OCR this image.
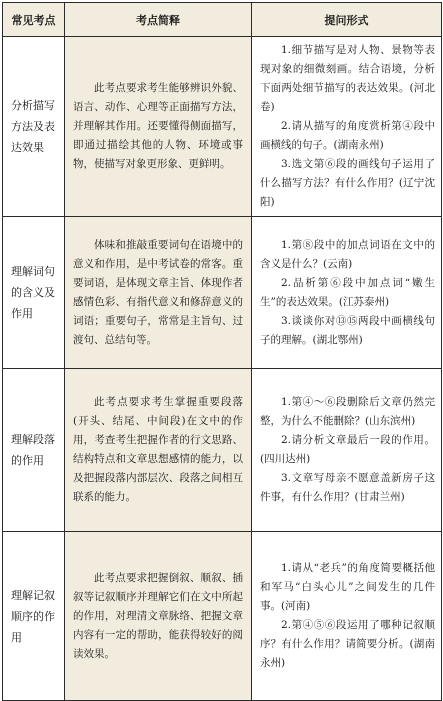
常见考点	考点简释	提问形式
分析描写方法及表达效果	此考点要求考生能够辨识外貌、语言、动作、心理等正面描写方法，并理解其作用。还要懂得侧面描写，即通过描绘其他的人物、环境或事物，使描写对象更形象、更鲜明。	1.细节描写是对人物、景物等表现对象的细微刻画。结合语境，分析下面两处细节描写的表达效果。(河北卷)

2.请从描写的角度赏析第④段中画横线的句子。(湖南永州)

3.选文第⑥段的画线句子运用了什么描写方法？有什么作用？(辽宁沈阳)

理解词句的含义及作用	体味和推敲重要词句在语境中的意义和作用，是中考试卷的常客。重要词语，是体现文章主旨、体现作者感情色彩、有指代意义和修辞意义的词语；重要句子，常常是主旨句、过渡句、总结句等。	1.第⑧段中的加点词语在文中的含义是什么？(云南)

2.品析第⑥段中加点词“嫩生生”的表达效果。(江苏泰州)

3.谈谈你对⑬⑮两段中画横线句子的理解。(湖北鄂州)

理解段落的作用	此考点要求考生掌握重要段落(开头、结尾、中间段)在文中的作用，考查考生把握作者的行文思路、结构特点和文章思想感情的能力，以及把握段落内部层次、段落之间相互联系的能力。	1.第④～⑥段删除后文章仍然完整，为什么不能删除？(山东滨州)

2.请分析文章最后一段的作用。(四川达州)

3.文章写母亲不愿意盖新房子这件事，有什么作用？(甘肃兰州)

理解记叙顺序的作用	此考点要求把握倒叙、顺叙、插叙等记叙顺序并理解它们在文中所起的作用，对理清文章脉络、把握文章内容有一定的帮助，能获得较好的阅读效果。	1.请从“老兵”的角度简要概括他和军马“白头心儿”之间发生的几件事。(河南)

2.第④⑤⑥段运用了哪种记叙顺序？有什么作用？请简要分析。(湖南永州)
